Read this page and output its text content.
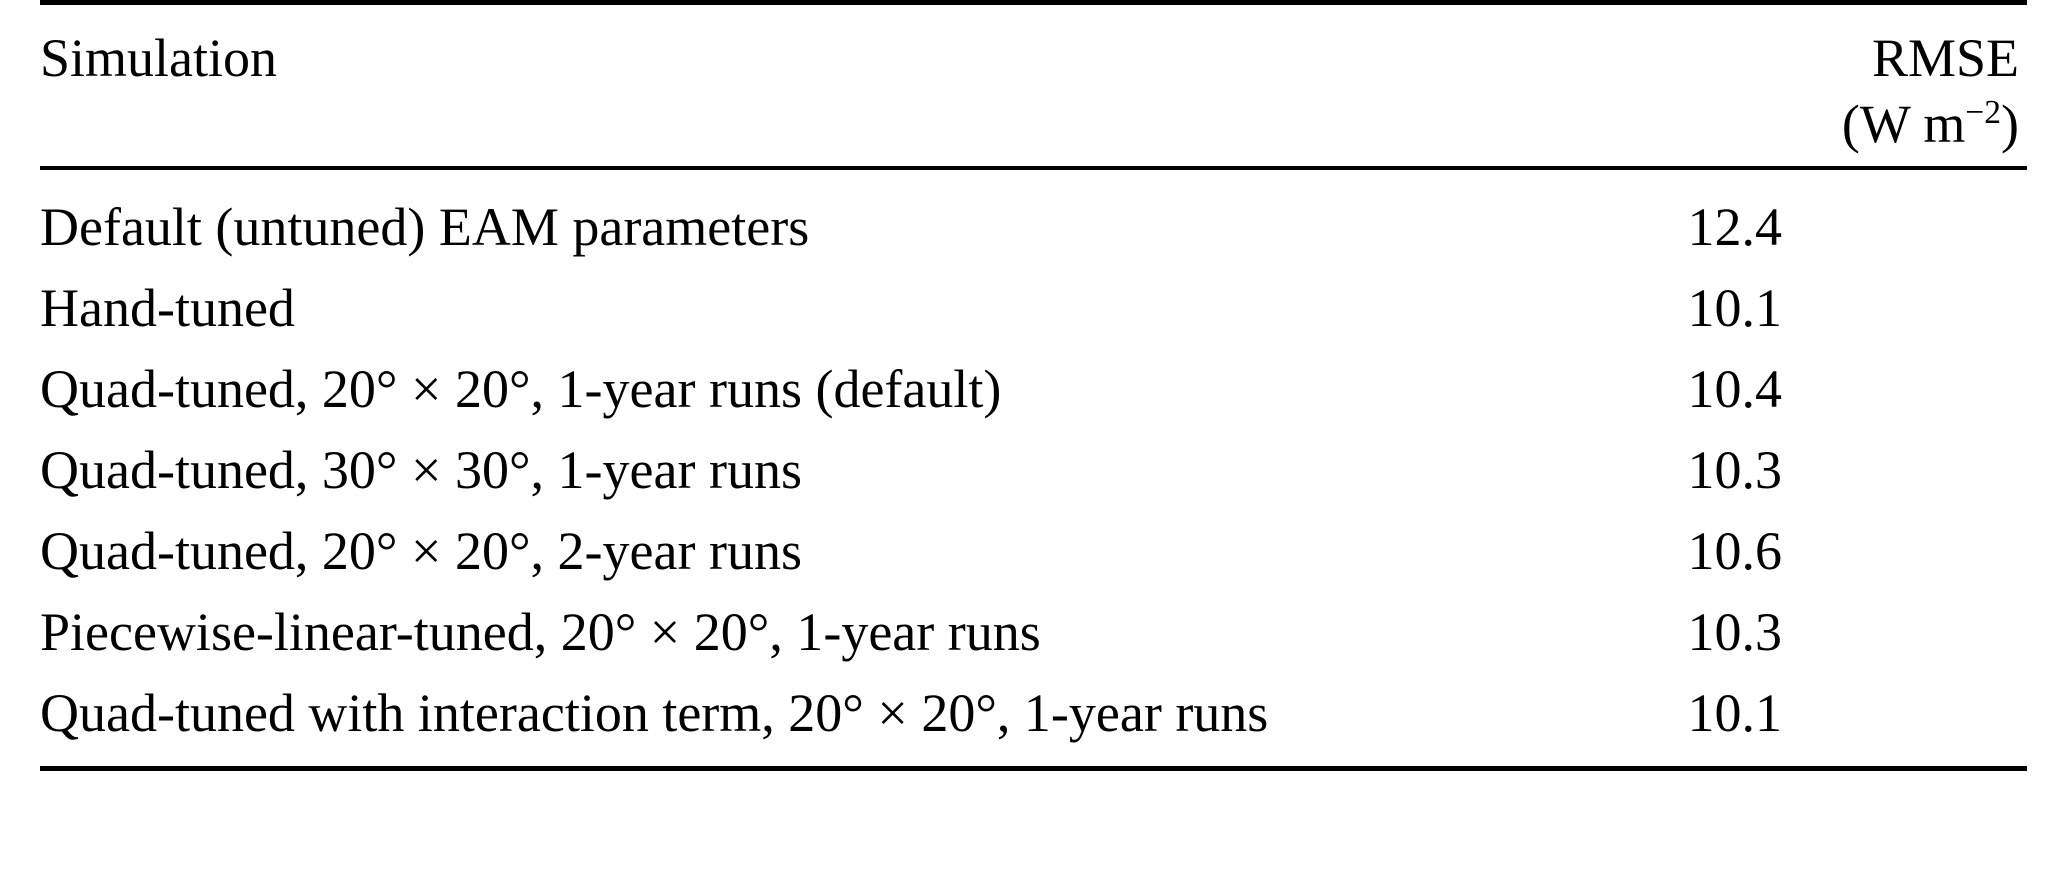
Simulation	RMSE
(W $m^{-2}$)

Default (untuned) EAM parameters	12.4
Hand-tuned	10.1
Quad-tuned, 20° × 20°, 1-year runs (default)	10.4
Quad-tuned, 30° × 30°, 1-year runs	10.3
Quad-tuned, 20° × 20°, 2-year runs	10.6
Piecewise-linear-tuned, 20° × 20°, 1-year runs	10.3
Quad-tuned with interaction term, 20° × 20°, 1-year runs	10.1
